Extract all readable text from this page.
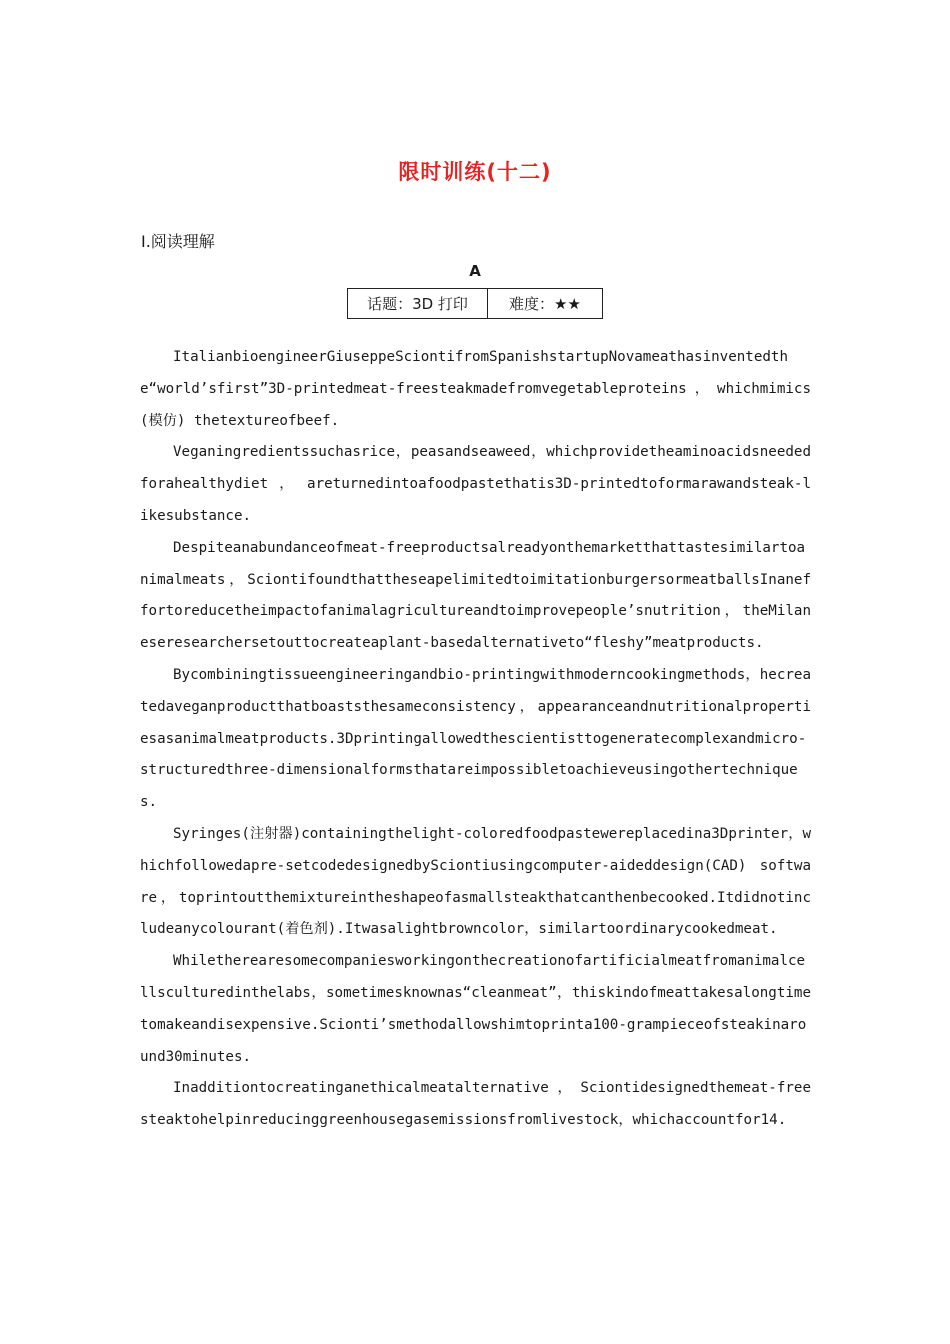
限时训练(十二)
Ⅰ.阅读理解
A
话题：3D 打印	难度：★★

ItalianbioengineerGiuseppeSciontifromSpanishstartupNovameathasinventedthe“world’sfirst”3D-printedmeat-freesteakmadefromvegetableproteins，whichmimics(模仿) thetextureofbeef.

Veganingredientssuchasrice，peasandseaweed，whichprovidetheaminoacidsneededforahealthydiet ， areturnedintoafoodpastethatis3D-printedtoformarawandsteak-likesubstance.

Despiteanabundanceofmeat-freeproductsalreadyonthemarketthattastesimilartoanimalmeats，SciontifoundthattheseарelimitedtoimitationburgersormeatballsInaneffortoreducetheimpactofanimalagricultureandtoimprovepeople’snutrition，theMilaneseresearchersetouttocreateaplant-basedalternativeto“fleshy”meatproducts.

Bycombiningtissueengineeringandbio-printingwithmoderncookingmethods，hecreatedaveganproductthatboaststhesameconsistency，appearanceandnutritionalpropertiesasanimalmeatproducts.3Dprintingallowedthescientisttogeneratecomplexandmicro-structuredthree-dimensionalformsthatareimpossibletoachieveusingothertechniques.

Syringes(注射器)containingthelight-coloredfoodpastewereplacedina3Dprinter，whichfollowedapre-setcodedesignedbySciontiusingcomputer-aideddesign(CAD) software，toprintoutthemixtureintheshapeofasmallsteakthatcanthenbecooked.Itdidnotincludeanycolourant(着色剂).Itwasalightbrowncolor，similartoordinarycookedmeat.

Whilethereаresomecompaniesworkingonthecreationofartificialmeatfromanimalcellsculturedinthelabs，sometimesknownas“cleanmeat”，thiskindofmeattakesalongtimetomakeandisexpensive.Scionti’smethodallowshimtoprinta100-grampieceofsteakinaround30minutes.

Inadditiontocreatinganethicalmeatalternative ， Sciontidesignedthemeat-freesteaktohelpinreducinggreenhousegasemissionsfromlivestock，whichaccountfor14.
